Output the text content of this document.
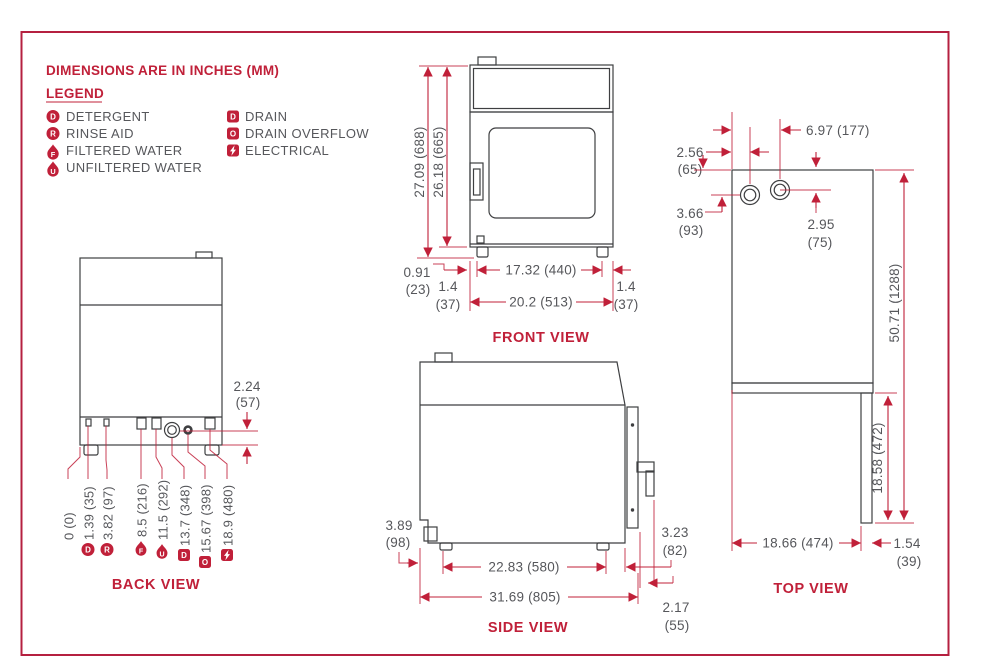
DIMENSIONS ARE IN INCHES (MM)
LEGEND
D DETERGENT
R RINSE AID
F FILTERED WATER
U UNFILTERED WATER
D DRAIN
O DRAIN OVERFLOW
ELECTRICAL
2.24
(57)
0 (0) 1.39 (35) 3.82 (97) 8.5 (216) 11.5 (292) 13.7 (348) 15.67 (398) 18.9 (480)
D R	F U D
O
BACK VIEW
27.09 (688) 26.18 (665)
0.91
(23)
17.32 (440)
1.4
(37)	20.2 (513)
1.4
(37)
FRONT VIEW
3.89
(98)
22.83 (580)
31.69 (805)
3.23
(82)
2.17
(55)
SIDE VIEW
6.97 (177)
2.56
(65)
3.66
(93)	2.95
(75)
50.71 (1288)
18.58 (472)
18.66 (474)	1.54
(39)
TOP VIEW
